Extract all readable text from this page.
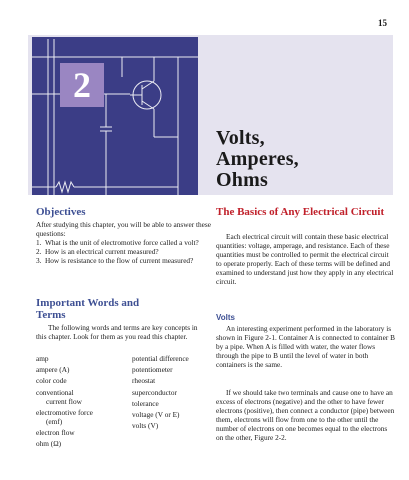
15
2
Volts,
Amperes,
Ohms
Objectives
After studying this chapter, you will be able to answer these questions:
1. What is the unit of electromotive force called a volt?
2. How is an electrical current measured?
3. How is resistance to the flow of current measured?
Important Words and Terms
The following words and terms are key concepts in this chapter. Look for them as you read this chapter.
amp
ampere (A)
color code
conventional
current flow
electromotive force
(emf)
electron flow
ohm (Ω)
potential difference
potentiometer
rheostat
superconductor
tolerance
voltage (V or E)
volts (V)
The Basics of Any Electrical Circuit
Each electrical circuit will contain these basic electrical quantities: voltage, amperage, and resistance. Each of these quantities must be controlled to permit the electrical circuit to operate properly. Each of these terms will be defined and examined to understand just how they apply in any electrical circuit.
Volts
An interesting experiment performed in the laboratory is shown in Figure 2-1. Container A is connected to container B by a pipe. When A is filled with water, the water flows through the pipe to B until the level of water in both containers is the same.
If we should take two terminals and cause one to have an excess of electrons (negative) and the other to have fewer electrons (positive), then connect a conductor (pipe) between them, electrons will flow from one to the other until the number of electrons on one becomes equal to the electrons on the other, Figure 2-2.
